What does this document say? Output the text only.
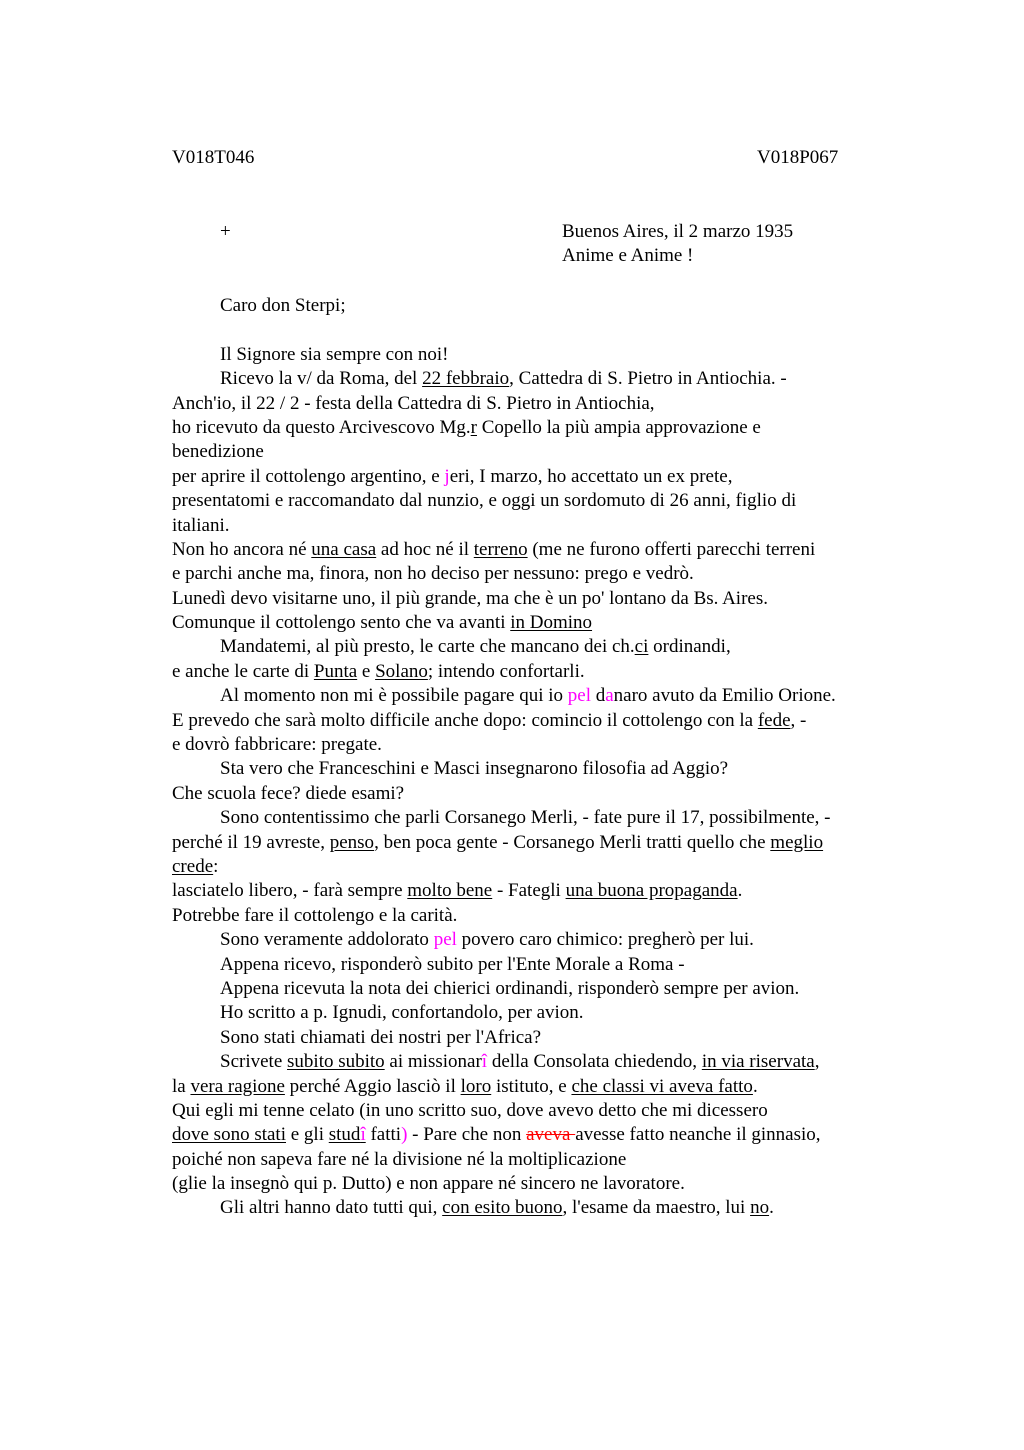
V018T046	V018P067
+	Buenos Aires, il 2 marzo 1935
Anime e Anime !
Caro don Sterpi;
Il Signore sia sempre con noi!
Ricevo la v/ da Roma, del 22 febbraio, Cattedra di S. Pietro in Antiochia. -
Anch'io, il 22 / 2 - festa della Cattedra di S. Pietro in Antiochia,
ho ricevuto da questo Arcivescovo Mg.r Copello la più ampia approvazione e
benedizione
per aprire il cottolengo argentino, e jeri, I marzo, ho accettato un ex prete,
presentatomi e raccomandato dal nunzio, e oggi un sordomuto di 26 anni, figlio di
italiani.
Non ho ancora né una casa ad hoc né il terreno (me ne furono offerti parecchi terreni
e parchi anche ma, finora, non ho deciso per nessuno: prego e vedrò.
Lunedì devo visitarne uno, il più grande, ma che è un po' lontano da Bs. Aires.
Comunque il cottolengo sento che va avanti in Domino
Mandatemi, al più presto, le carte che mancano dei ch.ci ordinandi,
e anche le carte di Punta e Solano; intendo confortarli.
Al momento non mi è possibile pagare qui io pel danaro avuto da Emilio Orione.
E prevedo che sarà molto difficile anche dopo: comincio il cottolengo con la fede, -
e dovrò fabbricare: pregate.
Sta vero che Franceschini e Masci insegnarono filosofia ad Aggio?
Che scuola fece? diede esami?
Sono contentissimo che parli Corsanego Merli, - fate pure il 17, possibilmente, -
perché il 19 avreste, penso, ben poca gente - Corsanego Merli tratti quello che meglio
crede:
lasciatelo libero, - farà sempre molto bene - Fategli una buona propaganda.
Potrebbe fare il cottolengo e la carità.
Sono veramente addolorato pel povero caro chimico: pregherò per lui.
Appena ricevo, risponderò subito per l'Ente Morale a Roma -
Appena ricevuta la nota dei chierici ordinandi, risponderò sempre per avion.
Ho scritto a p. Ignudi, confortandolo, per avion.
Sono stati chiamati dei nostri per l'Africa?
Scrivete subito subito ai missionarî della Consolata chiedendo, in via riservata,
la vera ragione perché Aggio lasciò il loro istituto, e che classi vi aveva fatto.
Qui egli mi tenne celato (in uno scritto suo, dove avevo detto che mi dicessero
dove sono stati e gli studî fatti) - Pare che non aveva avesse fatto neanche il ginnasio,
poiché non sapeva fare né la divisione né la moltiplicazione
(glie la insegnò qui p. Dutto) e non appare né sincero ne lavoratore.
Gli altri hanno dato tutti qui, con esito buono, l'esame da maestro, lui no.
